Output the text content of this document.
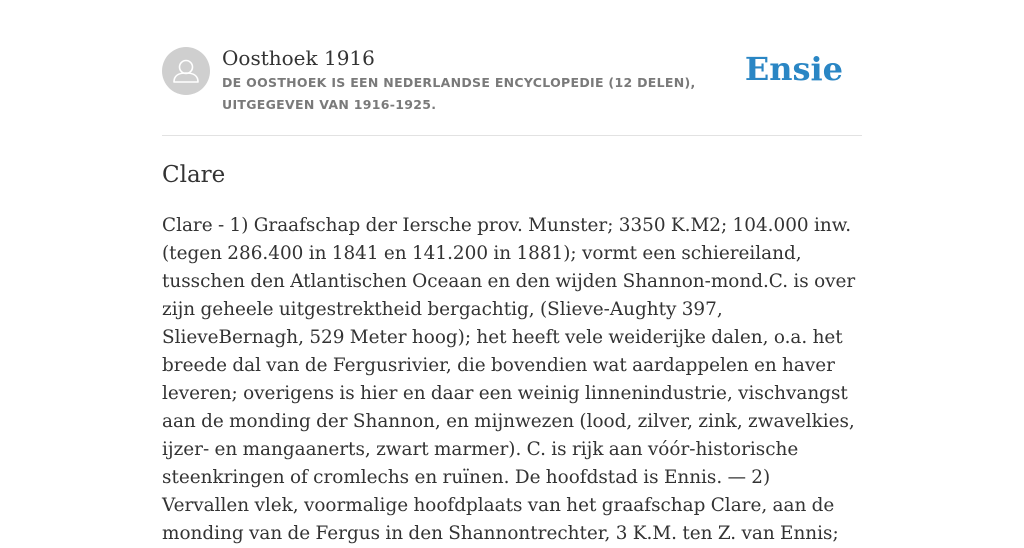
Oosthoek 1916
DE OOSTHOEK IS EEN NEDERLANDSE ENCYCLOPEDIE (12 DELEN), UITGEGEVEN VAN 1916-1925.
Ensie
Clare

Clare - 1) Graafschap der Iersche prov. Munster; 3350 K.M2; 104.000 inw. (tegen 286.400 in 1841 en 141.200 in 1881); vormt een schiereiland, tusschen den Atlantischen Oceaan en den wijden Shannon-mond.C. is over zijn geheele uitgestrektheid bergachtig, (Slieve-Aughty 397, SlieveBernagh, 529 Meter hoog); het heeft vele weiderijke dalen, o.a. het breede dal van de Fergusrivier, die bovendien wat aardappelen en haver leveren; overigens is hier en daar een weinig linnenindustrie, vischvangst aan de monding der Shannon, en mijnwezen (lood, zilver, zink, zwavelkies, ijzer- en mangaanerts, zwart marmer). C. is rijk aan vóór-historische steenkringen of cromlechs en ruïnen. De hoofdstad is Ennis. — 2) Vervallen vlek, voormalige hoofdplaats van het graafschap Clare, aan de monding van de Fergus in den Shannontrechter, 3 K.M. ten Z. van Ennis;
